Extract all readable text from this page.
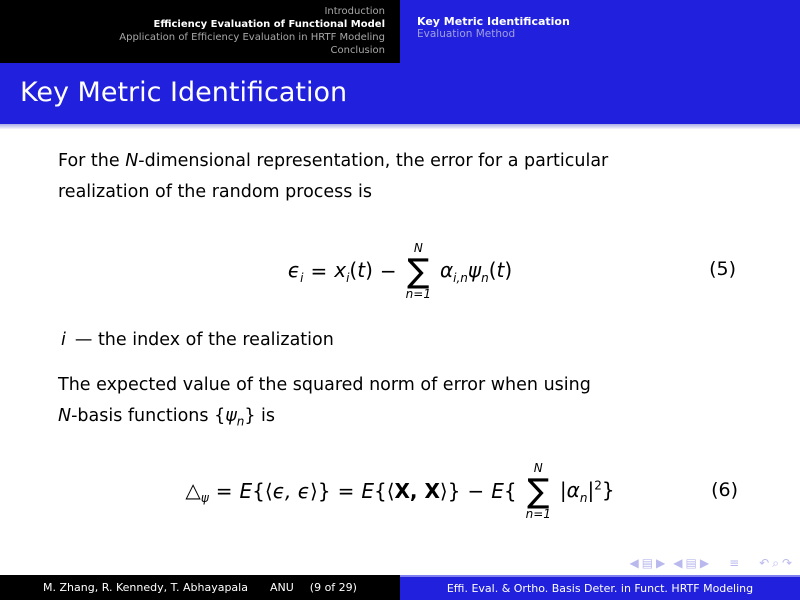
Introduction
Efficiency Evaluation of Functional Model
Application of Efficiency Evaluation in HRTF Modeling
Conclusion
Key Metric Identification
Evaluation Method
Key Metric Identification
For the N-dimensional representation, the error for a particular
realization of the random process is
$\epsilon_i = x_i(t)$ −
N
∑
n=1
$\alpha_{i,n}\psi_n(t)$	(5)
i — the index of the realization
The expected value of the squared norm of error when using
N-basis functions $\{\psi_n\}$ is
$\triangle_\psi$ = E{⟨ϵ, ϵ⟩} = E{⟨X, X⟩} − E{
N
∑
n=1
$|\alpha_n|^2$}	(6)
◀ ▤ ▶ ◀ ▤ ▶ ≡ ↶ ⌕ ↷
M. Zhang, R. Kennedy, T. Abhayapala ANU (9 of 29)	Effi. Eval. & Ortho. Basis Deter. in Funct. HRTF Modeling
